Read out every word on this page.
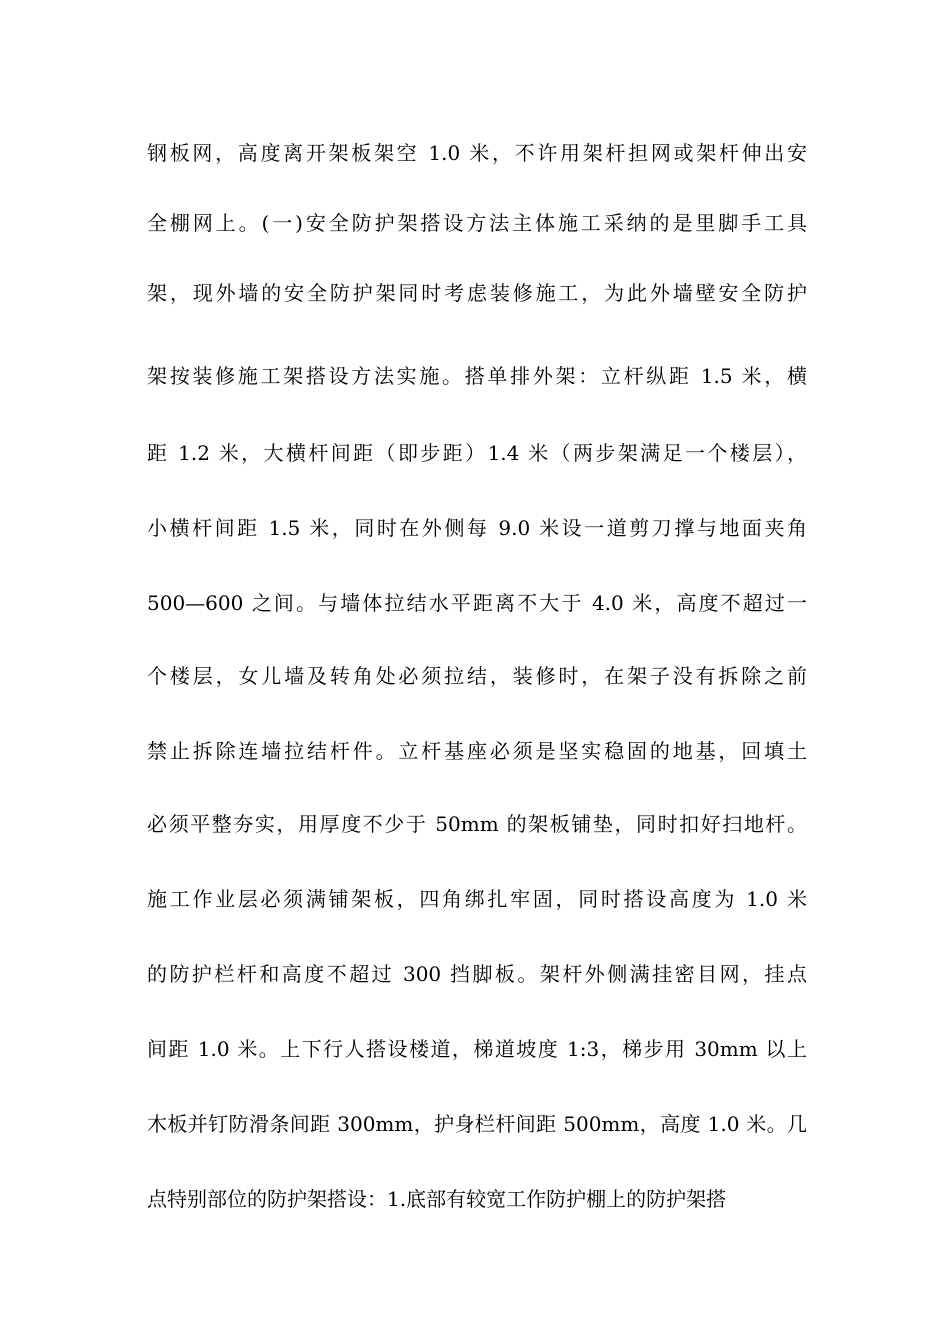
钢板网，高度离开架板架空 1.0 米，不许用架杆担网或架杆伸出安
全棚网上。(一)安全防护架搭设方法主体施工采纳的是里脚手工具
架，现外墙的安全防护架同时考虑装修施工，为此外墙壁安全防护
架按装修施工架搭设方法实施。搭单排外架：立杆纵距 1.5 米，横
距 1.2 米，大横杆间距（即步距）1.4 米（两步架满足一个楼层），
小横杆间距 1.5 米，同时在外侧每 9.0 米设一道剪刀撑与地面夹角
500—600 之间。与墙体拉结水平距离不大于 4.0 米，高度不超过一
个楼层，女儿墙及转角处必须拉结，装修时，在架子没有拆除之前
禁止拆除连墙拉结杆件。立杆基座必须是坚实稳固的地基，回填土
必须平整夯实，用厚度不少于 50mm 的架板铺垫，同时扣好扫地杆。
施工作业层必须满铺架板，四角绑扎牢固，同时搭设高度为 1.0 米
的防护栏杆和高度不超过 300 挡脚板。架杆外侧满挂密目网，挂点
间距 1.0 米。上下行人搭设楼道，梯道坡度 1:3，梯步用 30mm 以上
木板并钉防滑条间距 300mm，护身栏杆间距 500mm，高度 1.0 米。几
点特别部位的防护架搭设：1.底部有较宽工作防护棚上的防护架搭
